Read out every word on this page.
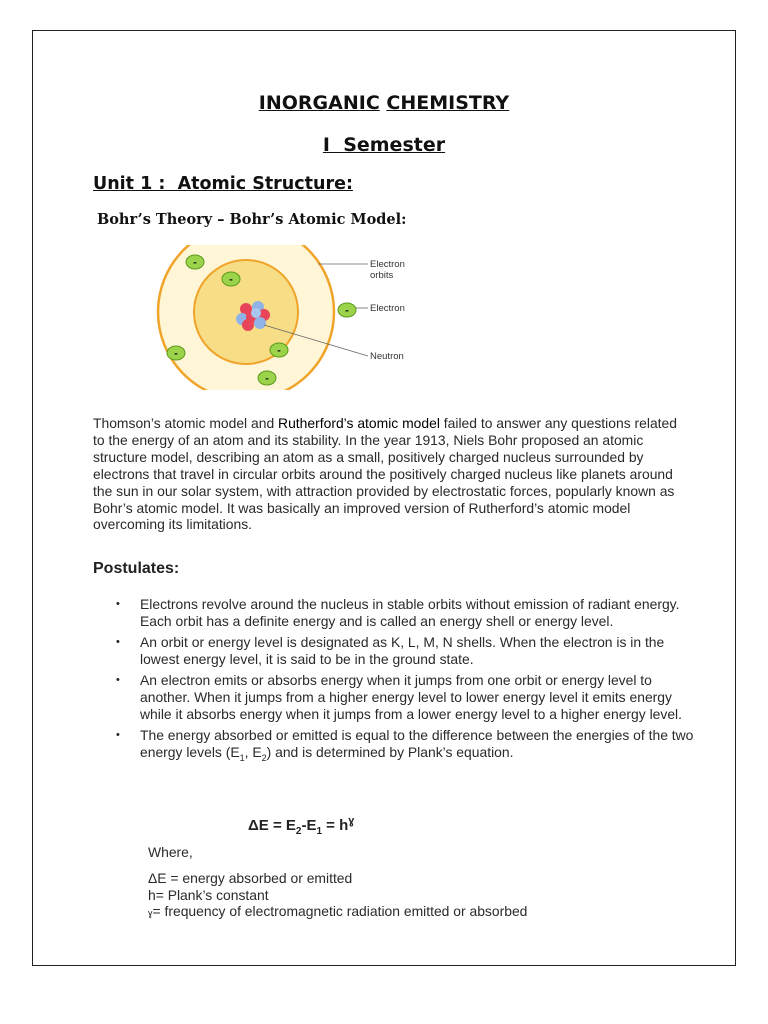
INORGANIC CHEMISTRY
I  Semester
Unit 1 :  Atomic Structure:
Bohr’s Theory – Bohr’s Atomic Model:
-
-
-
-
-
-
Electron
orbits
Electron
Neutron
Thomson’s atomic model and Rutherford’s atomic model failed to answer any questions related to the energy of an atom and its stability. In the year 1913, Niels Bohr proposed an atomic structure model, describing an atom as a small, positively charged nucleus surrounded by electrons that travel in circular orbits around the positively charged nucleus like planets around the sun in our solar system, with attraction provided by electrostatic forces, popularly known as Bohr’s atomic model. It was basically an improved version of Rutherford’s atomic model overcoming its limitations.
Postulates:
• Electrons revolve around the nucleus in stable orbits without emission of radiant energy. Each orbit has a definite energy and is called an energy shell or energy level.
• An orbit or energy level is designated as K, L, M, N shells. When the electron is in the lowest energy level, it is said to be in the ground state.
• An electron emits or absorbs energy when it jumps from one orbit or energy level to another. When it jumps from a higher energy level to lower energy level it emits energy while it absorbs energy when it jumps from a lower energy level to a higher energy level.
• The energy absorbed or emitted is equal to the difference between the energies of the two energy levels ($E_1$, $E_2$) and is determined by Plank’s equation.
$\Delta E = E_2-E_1 = h^ɣ$
Where,
ΔE = energy absorbed or emitted
h= Plank’s constant
ɣ= frequency of electromagnetic radiation emitted or absorbed
